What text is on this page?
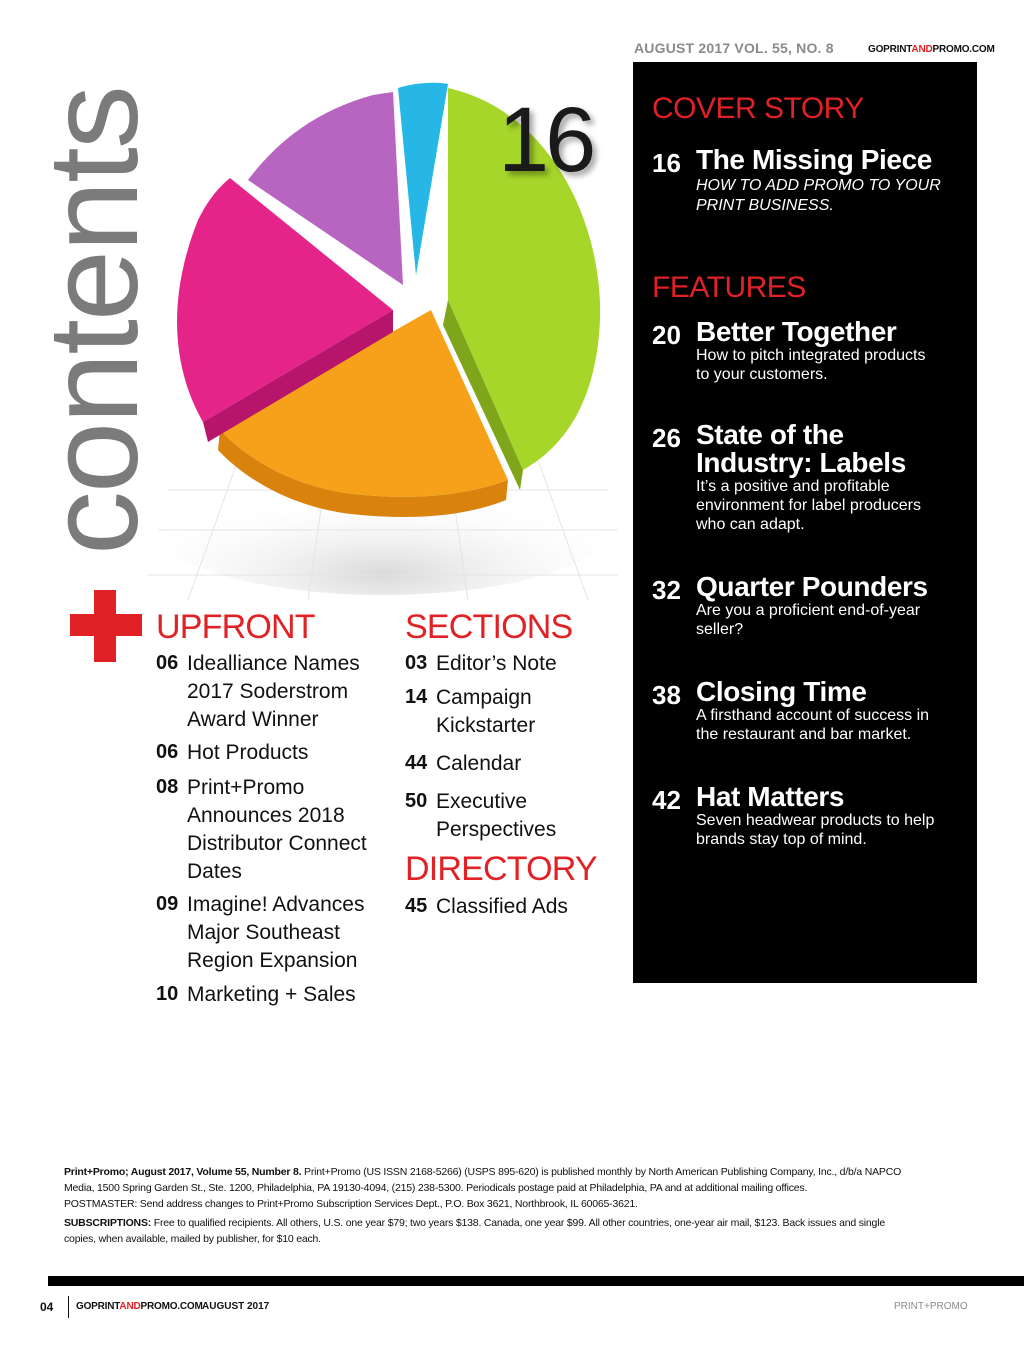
AUGUST 2017 VOL. 55, NO. 8	GOPRINTANDPROMO.COM
contents	16 COVER STORY
16 The Missing Piece
HOW TO ADD PROMO TO YOUR
PRINT BUSINESS.
FEATURES
20 Better Together
How to pitch integrated products
to your customers.
26 State of the
Industry: Labels
It’s a positive and profitable
environment for label producers
who can adapt.
32 Quarter Pounders
Are you a proficient end-of-year
seller?
38 Closing Time
A firsthand account of success in
the restaurant and bar market.
42 Hat Matters
Seven headwear products to help
brands stay top of mind.
UPFRONT
06 Idealliance Names
2017 Soderstrom
Award Winner
06 Hot Products
08 Print+Promo
Announces 2018
Distributor Connect
Dates
09 Imagine! Advances
Major Southeast
Region Expansion
10 Marketing + Sales
SECTIONS
03 Editor’s Note
14 Campaign
Kickstarter
44 Calendar
50 Executive
Perspectives
DIRECTORY
45 Classified Ads
Print+Promo; August 2017, Volume 55, Number 8. Print+Promo (US ISSN 2168-5266) (USPS 895-620) is published monthly by North American Publishing Company, Inc., d/b/a NAPCO
Media, 1500 Spring Garden St., Ste. 1200, Philadelphia, PA 19130-4094, (215) 238-5300. Periodicals postage paid at Philadelphia, PA and at additional mailing offices.
POSTMASTER: Send address changes to Print+Promo Subscription Services Dept., P.O. Box 3621, Northbrook, IL 60065-3621.
SUBSCRIPTIONS: Free to qualified recipients. All others, U.S. one year $79; two years $138. Canada, one year $99. All other countries, one-year air mail, $123. Back issues and single
copies, when available, mailed by publisher, for $10 each.
04 GOPRINTANDPROMO.COM AUGUST 2017	PRINT+PROMO
